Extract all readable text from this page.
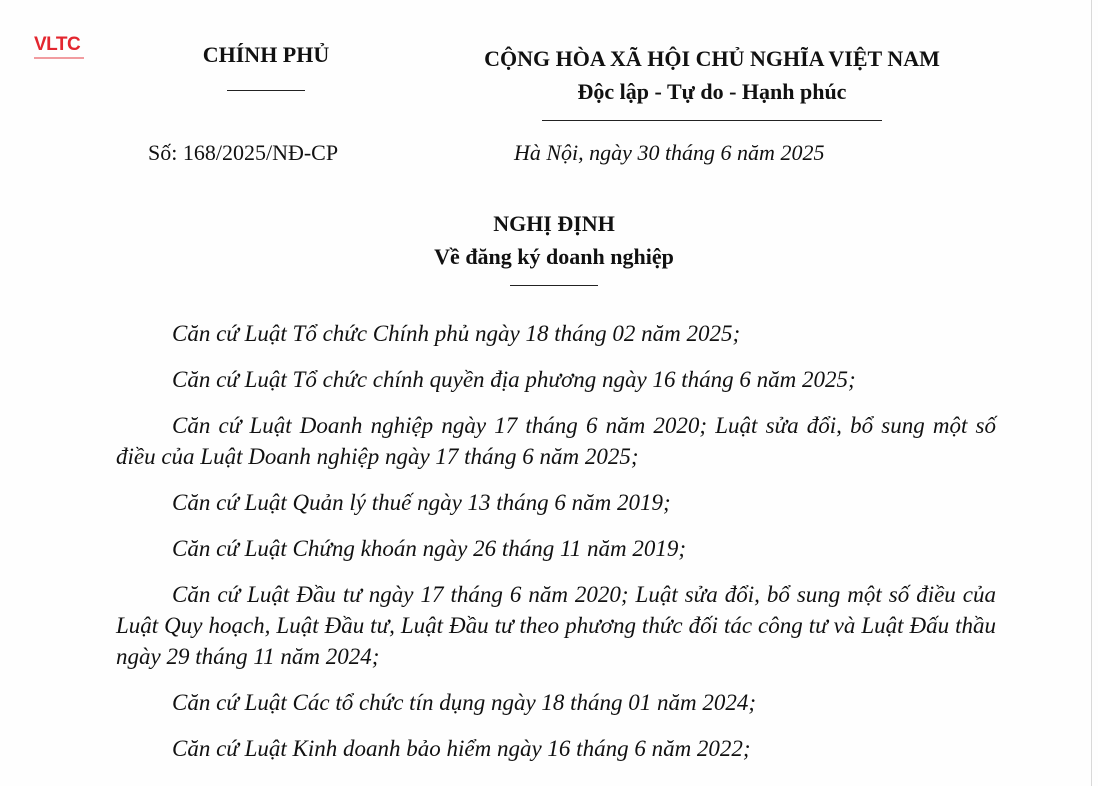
VLTC	CHÍNH PHỦ	CỘNG HÒA XÃ HỘI CHỦ NGHĨA VIỆT NAM
Độc lập - Tự do - Hạnh phúc
Số: 168/2025/NĐ-CP	Hà Nội, ngày 30 tháng 6 năm 2025
NGHỊ ĐỊNH
Về đăng ký doanh nghiệp

Căn cứ Luật Tổ chức Chính phủ ngày 18 tháng 02 năm 2025;

Căn cứ Luật Tổ chức chính quyền địa phương ngày 16 tháng 6 năm 2025;

Căn cứ Luật Doanh nghiệp ngày 17 tháng 6 năm 2020; Luật sửa đổi, bổ sung một số điều của Luật Doanh nghiệp ngày 17 tháng 6 năm 2025;

Căn cứ Luật Quản lý thuế ngày 13 tháng 6 năm 2019;

Căn cứ Luật Chứng khoán ngày 26 tháng 11 năm 2019;

Căn cứ Luật Đầu tư ngày 17 tháng 6 năm 2020; Luật sửa đổi, bổ sung một số điều của Luật Quy hoạch, Luật Đầu tư, Luật Đầu tư theo phương thức đối tác công tư và Luật Đấu thầu ngày 29 tháng 11 năm 2024;

Căn cứ Luật Các tổ chức tín dụng ngày 18 tháng 01 năm 2024;

Căn cứ Luật Kinh doanh bảo hiểm ngày 16 tháng 6 năm 2022;
